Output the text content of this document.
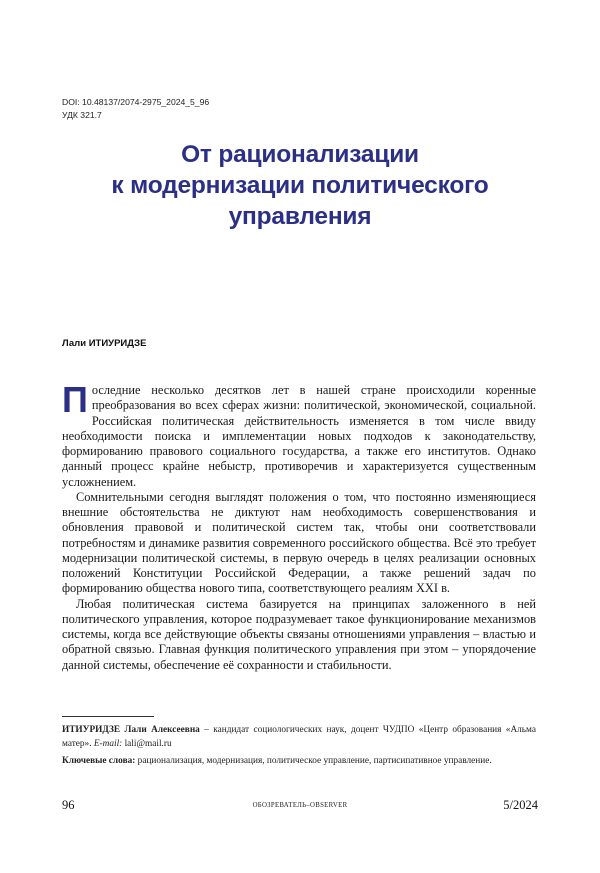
DOI: 10.48137/2074-2975_2024_5_96
УДК 321.7
От рационализации
к модернизации политического
управления
Лали ИТИУРИДЗЕ

Последние несколько десятков лет в нашей стране происходили коренные преобразования во всех сферах жизни: политической, экономической, социальной. Российская политическая действительность изменяется в том числе ввиду необходимости поиска и имплементации новых подходов к законодательству, формированию правового социального государства, а также его институтов. Однако данный процесс крайне небыстр, противоречив и характеризуется существенным усложнением.

Сомнительными сегодня выглядят положения о том, что постоянно изменяющиеся внешние обстоятельства не диктуют нам необходимость совершенствования и обновления правовой и политической систем так, чтобы они соответствовали потребностям и динамике развития современного российского общества. Всё это требует модернизации политической системы, в первую очередь в целях реализации основных положений Конституции Российской Федерации, а также решений задач по формированию общества нового типа, соответствующего реалиям XXI в.

Любая политическая система базируется на принципах заложенного в ней политического управления, которое подразумевает такое функционирование механизмов системы, когда все действующие объекты связаны отношениями управления – властью и обратной связью. Главная функция политического управления при этом – упорядочение данной системы, обеспечение её сохранности и стабильности.

ИТИУРИДЗЕ Лали Алексеевна – кандидат социологических наук, доцент ЧУДПО «Центр образования «Альма матер». E-mail: lali@mail.ru
Ключевые слова: рационализация, модернизация, политическое управление, партисипативное управление.
96	ОБОЗРЕВАТЕЛЬ–OBSERVER	5/2024
